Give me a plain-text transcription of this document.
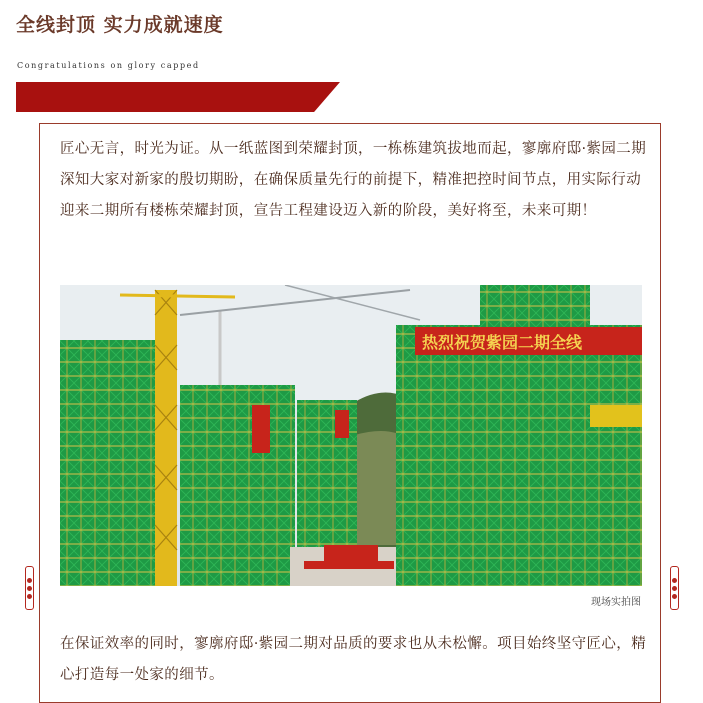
全线封顶 实力成就速度
Congratulations on glory capped

匠心无言，时光为证。从一纸蓝图到荣耀封顶，一栋栋建筑拔地而起，寥廓府邸·紫园二期深知大家对新家的殷切期盼，在确保质量先行的前提下，精准把控时间节点，用实际行动迎来二期所有楼栋荣耀封顶，宣告工程建设迈入新的阶段，美好将至，未来可期！

热烈祝贺紫园二期全线
现场实拍图

在保证效率的同时，寥廓府邸·紫园二期对品质的要求也从未松懈。项目始终坚守匠心，精心打造每一处家的细节。
